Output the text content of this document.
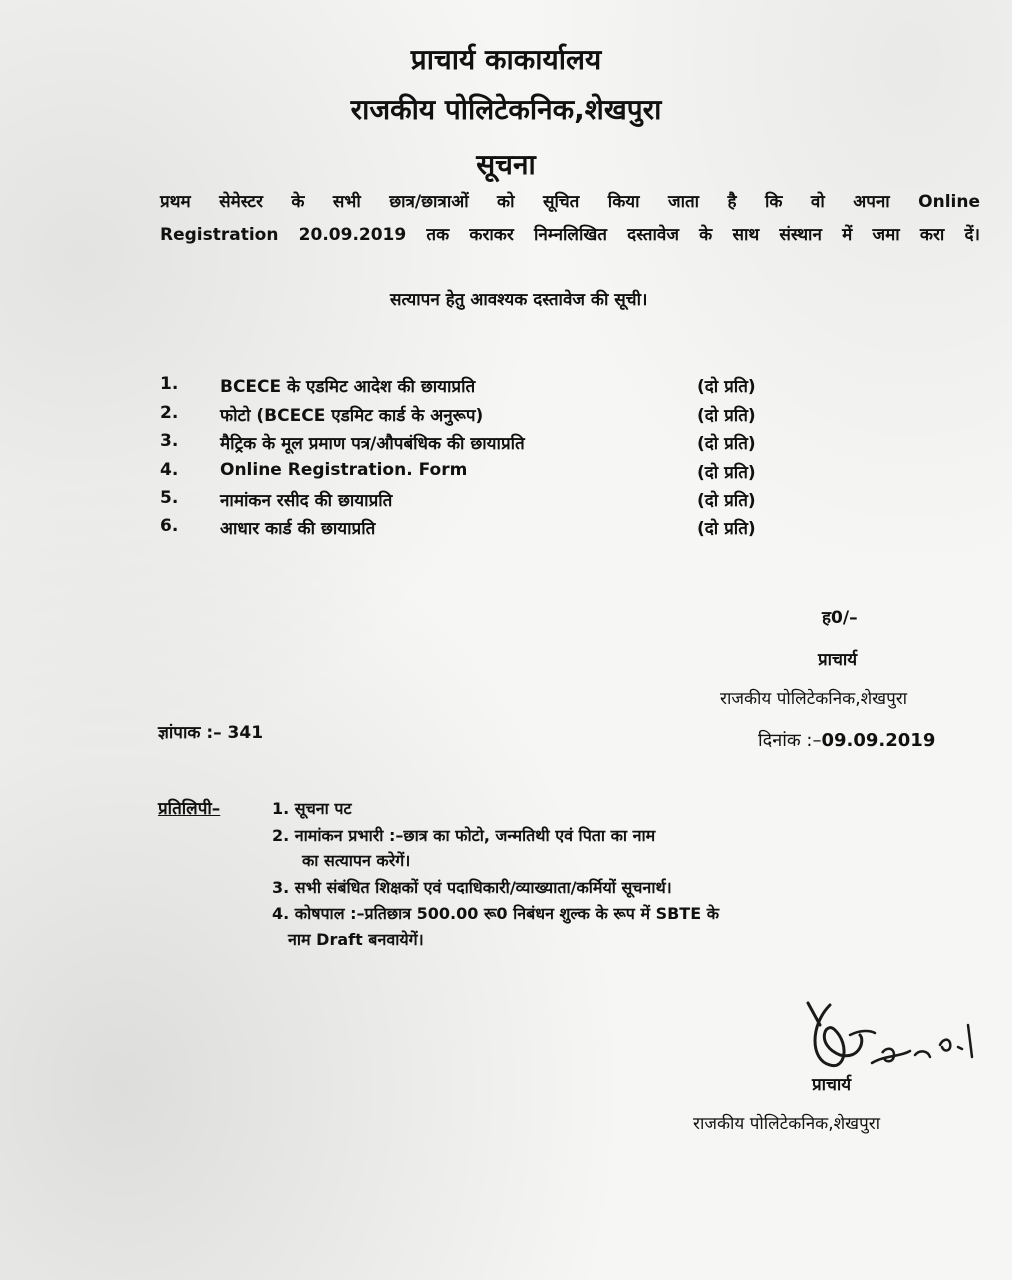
प्राचार्य काकार्यालय
राजकीय पोलिटेकनिक,शेखपुरा
सूचना
प्रथम सेमेस्टर के सभी छात्र/छात्राओं को सूचित किया जाता है कि वो अपना Online
Registration 20.09.2019 तक कराकर निम्नलिखित दस्तावेज के साथ संस्थान में जमा करा दें।
सत्यापन हेतु आवश्यक दस्तावेज की सूची।
1. BCECE के एडमिट आदेश की छायाप्रति	(दो प्रति)
2. फोटो (BCECE एडमिट कार्ड के अनुरूप)	(दो प्रति)
3. मैट्रिक के मूल प्रमाण पत्र/औपबंधिक की छायाप्रति	(दो प्रति)
4. Online Registration. Form	(दो प्रति)
5. नामांकन रसीद की छायाप्रति	(दो प्रति)
6. आधार कार्ड की छायाप्रति	(दो प्रति)
ह0/–
प्राचार्य
राजकीय पोलिटेकनिक,शेखपुरा
ज्ञांपाक :– 341	दिनांक :–09.09.2019
प्रतिलिपी–	1. सूचना पट
2. नामांकन प्रभारी :–छात्र का फोटो, जन्मतिथी एवं पिता का नाम
का सत्यापन करेगें।
3. सभी संबंधित शिक्षकों एवं पदाधिकारी/व्याख्याता/कर्मियों सूचनार्थ।
4. कोषपाल :–प्रतिछात्र 500.00 रू0 निबंधन शुल्क के रूप में SBTE के
नाम Draft बनवायेगें।
प्राचार्य
राजकीय पोलिटेकनिक,शेखपुरा
